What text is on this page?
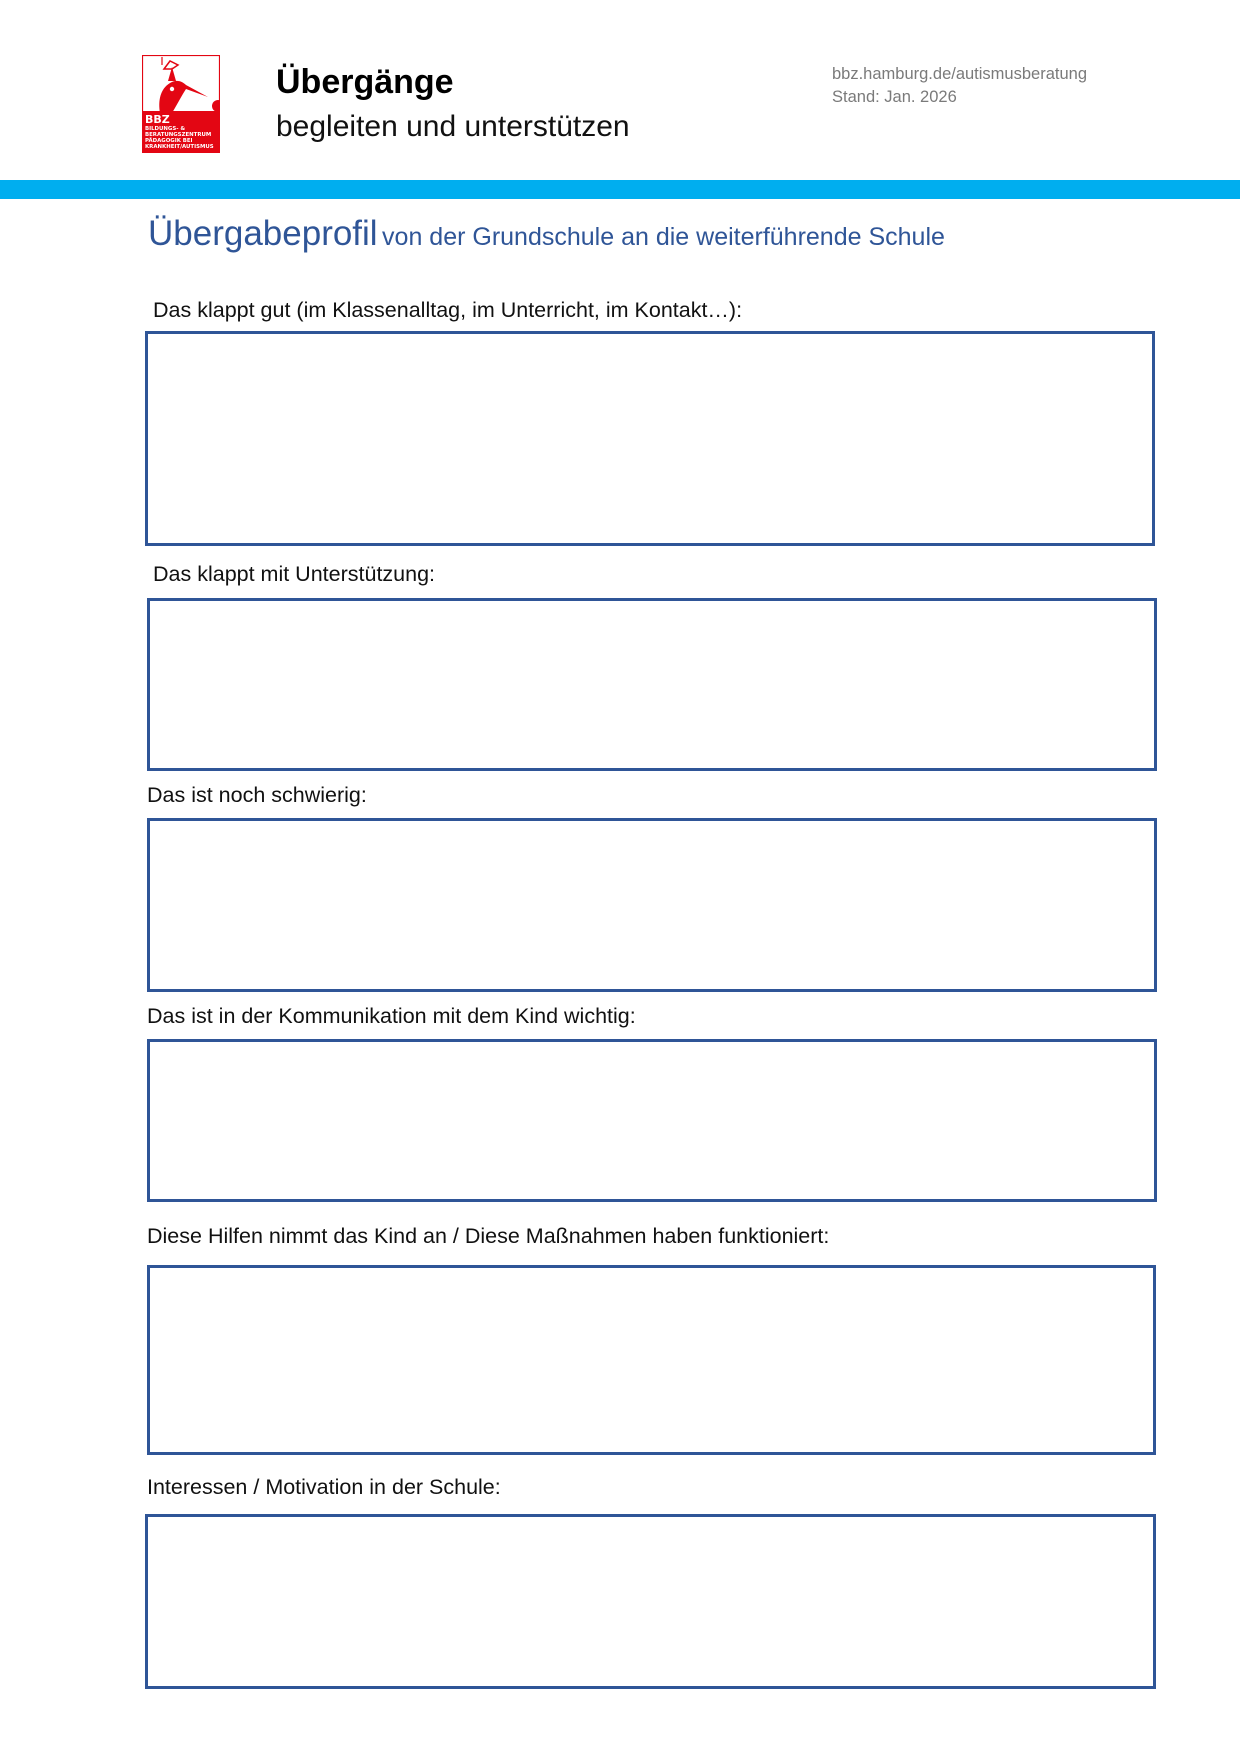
BBZ
BILDUNGS- &
BERATUNGSZENTRUM
PÄDAGOGIK BEI
KRANKHEIT/AUTISMUS
Übergänge
begleiten und unterstützen
bbz.hamburg.de/autismusberatung
Stand: Jan. 2026
Übergabeprofil von der Grundschule an die weiterführende Schule
Das klappt gut (im Klassenalltag, im Unterricht, im Kontakt…):
Das klappt mit Unterstützung:
Das ist noch schwierig:
Das ist in der Kommunikation mit dem Kind wichtig:
Diese Hilfen nimmt das Kind an / Diese Maßnahmen haben funktioniert:
Interessen / Motivation in der Schule:
